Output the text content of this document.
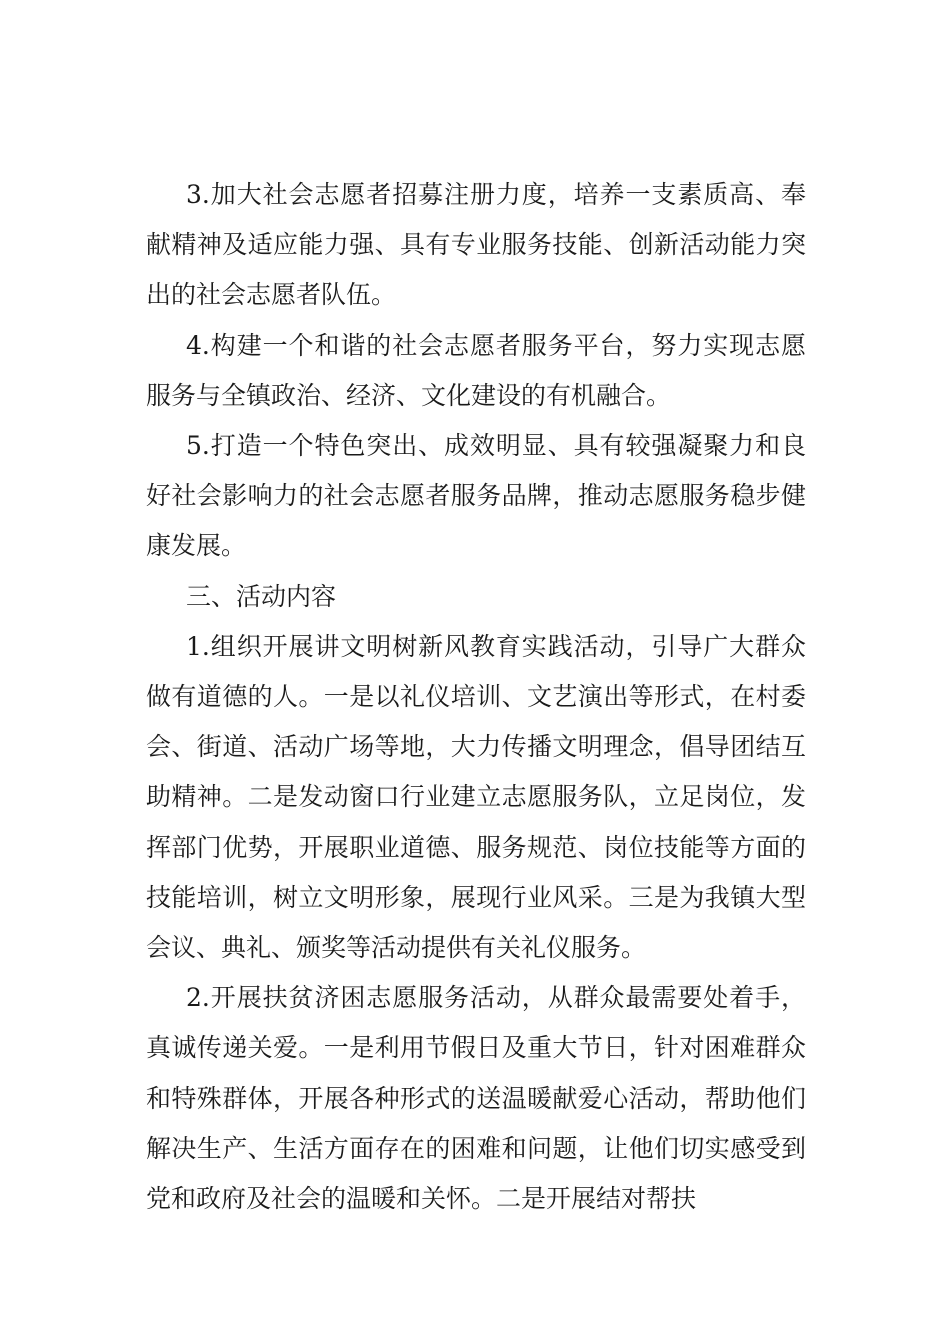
3.加大社会志愿者招募注册力度，培养一支素质高、奉献精神及适应能力强、具有专业服务技能、创新活动能力突出的社会志愿者队伍。

4.构建一个和谐的社会志愿者服务平台，努力实现志愿服务与全镇政治、经济、文化建设的有机融合。

5.打造一个特色突出、成效明显、具有较强凝聚力和良好社会影响力的社会志愿者服务品牌，推动志愿服务稳步健康发展。

三、活动内容

1.组织开展讲文明树新风教育实践活动，引导广大群众做有道德的人。一是以礼仪培训、文艺演出等形式，在村委会、街道、活动广场等地，大力传播文明理念，倡导团结互助精神。二是发动窗口行业建立志愿服务队，立足岗位，发挥部门优势，开展职业道德、服务规范、岗位技能等方面的技能培训，树立文明形象，展现行业风采。三是为我镇大型会议、典礼、颁奖等活动提供有关礼仪服务。

2.开展扶贫济困志愿服务活动，从群众最需要处着手，真诚传递关爱。一是利用节假日及重大节日，针对困难群众和特殊群体，开展各种形式的送温暖献爱心活动，帮助他们解决生产、生活方面存在的困难和问题，让他们切实感受到党和政府及社会的温暖和关怀。二是开展结对帮扶
